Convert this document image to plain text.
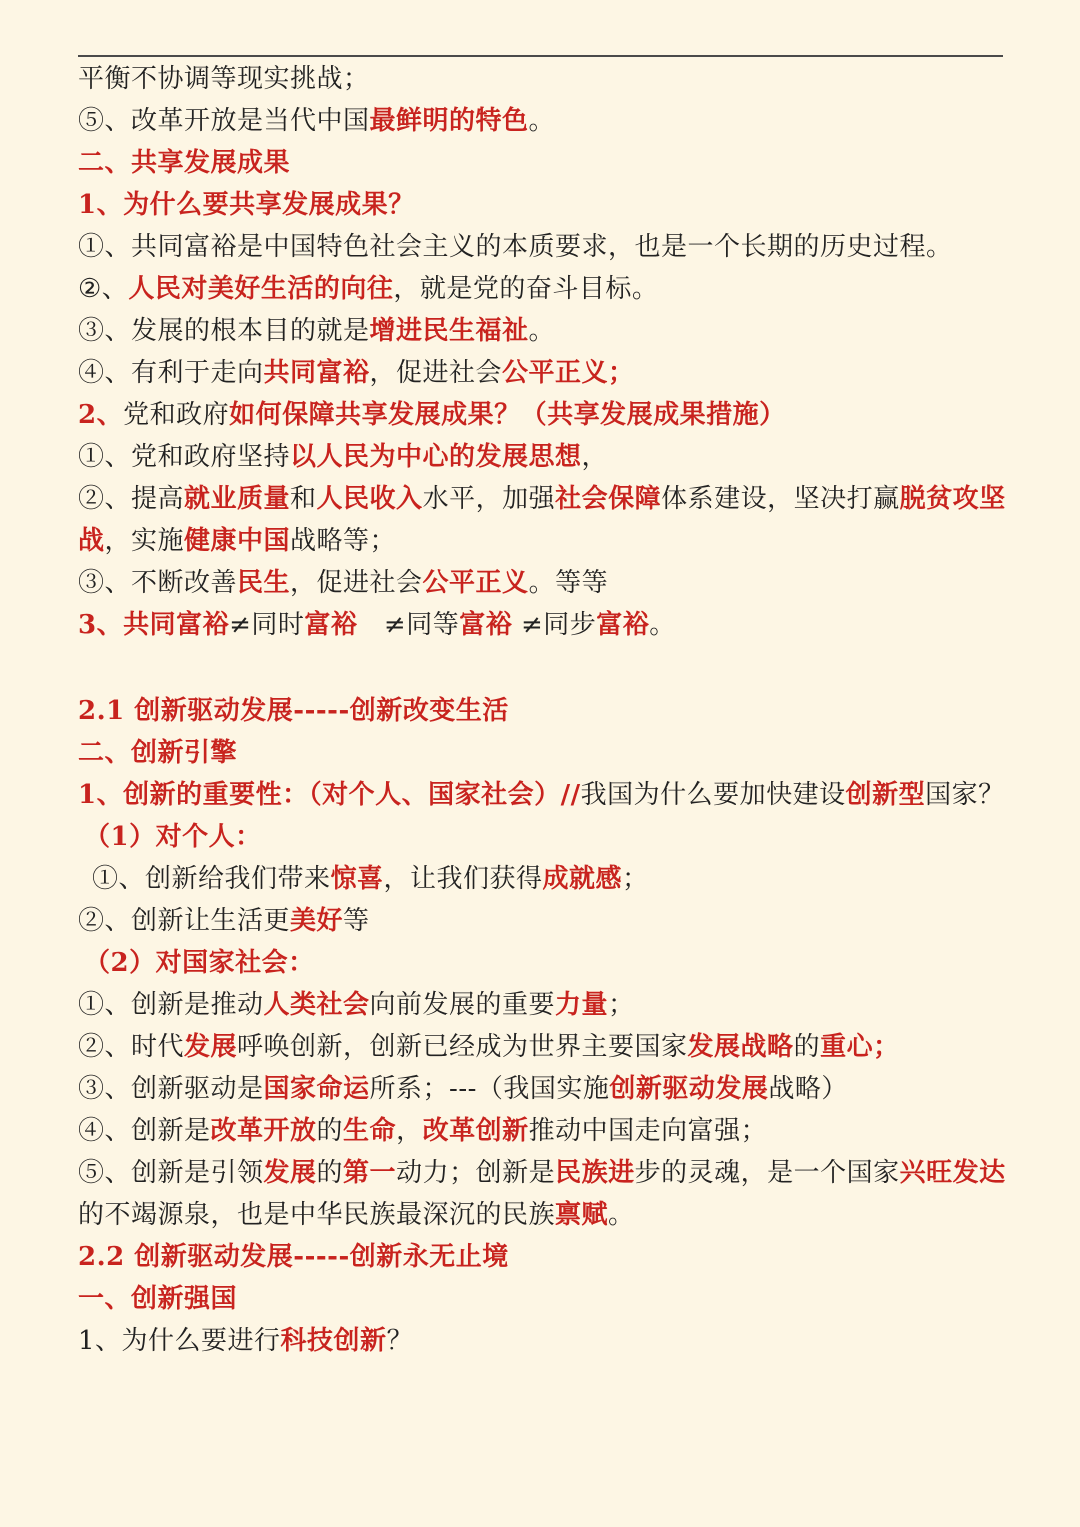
平衡不协调等现实挑战；
⑤、改革开放是当代中国最鲜明的特色。
二、共享发展成果
1、为什么要共享发展成果？
①、共同富裕是中国特色社会主义的本质要求，也是一个长期的历史过程。
②、人民对美好生活的向往，就是党的奋斗目标。
③、发展的根本目的就是增进民生福祉。
④、有利于走向共同富裕，促进社会公平正义；
2、党和政府如何保障共享发展成果？（共享发展成果措施）
①、党和政府坚持以人民为中心的发展思想，
②、提高就业质量和人民收入水平，加强社会保障体系建设，坚决打赢脱贫攻坚战，实施健康中国战略等；
③、不断改善民生，促进社会公平正义。等等
3、共同富裕≠同时富裕　≠同等富裕 ≠同步富裕。
2.1 创新驱动发展-----创新改变生活
二、创新引擎
1、创新的重要性：（对个人、国家社会）//我国为什么要加快建设创新型国家？
（1）对个人：
①、创新给我们带来惊喜，让我们获得成就感；
②、创新让生活更美好等
（2）对国家社会：
①、创新是推动人类社会向前发展的重要力量；
②、时代发展呼唤创新，创新已经成为世界主要国家发展战略的重心；
③、创新驱动是国家命运所系；---（我国实施创新驱动发展战略）
④、创新是改革开放的生命，改革创新推动中国走向富强；
⑤、创新是引领发展的第一动力；创新是民族进步的灵魂，是一个国家兴旺发达的不竭源泉，也是中华民族最深沉的民族禀赋。
2.2 创新驱动发展-----创新永无止境
一、创新强国
1、为什么要进行科技创新？
